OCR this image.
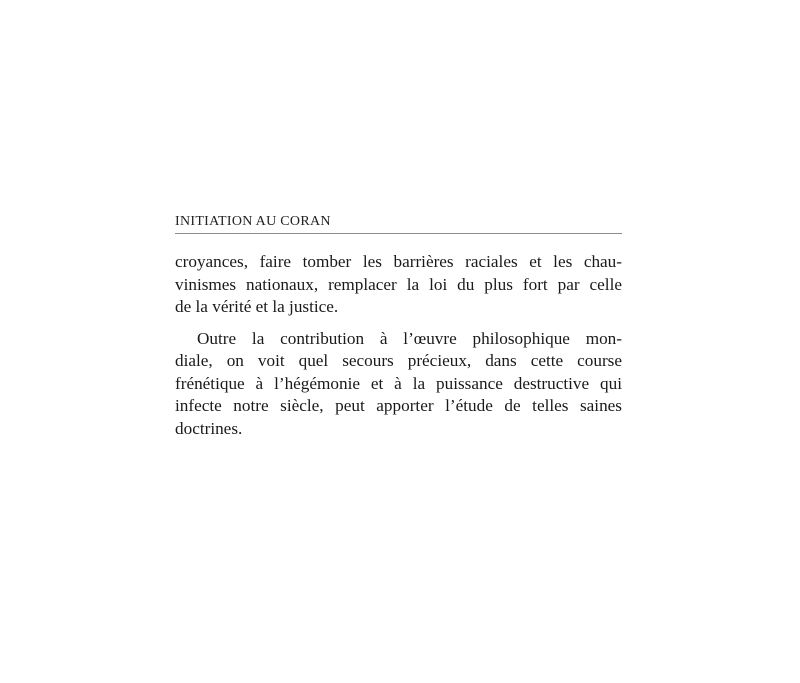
INITIATION AU CORAN
croyances, faire tomber les barrières raciales et les chau-
vinismes nationaux, remplacer la loi du plus fort par celle
de la vérité et la justice.
Outre la contribution à l’œuvre philosophique mon-
diale, on voit quel secours précieux, dans cette course
frénétique à l’hégémonie et à la puissance destructive qui
infecte notre siècle, peut apporter l’étude de telles saines
doctrines.
